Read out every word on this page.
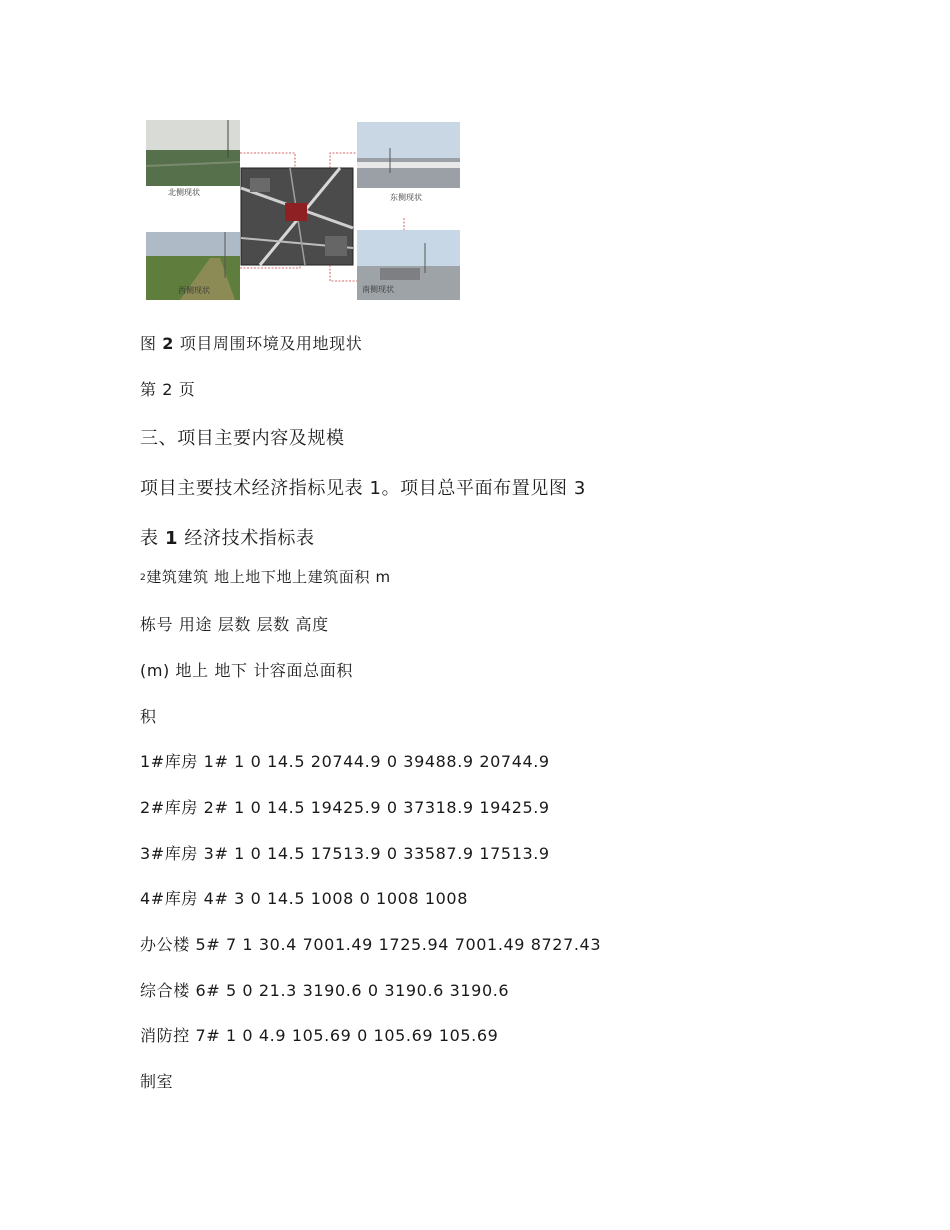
北侧现状
东侧现状
西侧现状	南侧现状
图 2 项目周围环境及用地现状
第 2 页
三、项目主要内容及规模
项目主要技术经济指标见表 1。项目总平面布置见图 3
表 1 经济技术指标表
2建筑建筑 地上地下地上建筑面积 m
栋号 用途 层数 层数 高度
(m) 地上 地下 计容面总面积
积
1#库房 1# 1 0 14.5 20744.9 0 39488.9 20744.9
2#库房 2# 1 0 14.5 19425.9 0 37318.9 19425.9
3#库房 3# 1 0 14.5 17513.9 0 33587.9 17513.9
4#库房 4# 3 0 14.5 1008 0 1008 1008
办公楼 5# 7 1 30.4 7001.49 1725.94 7001.49 8727.43
综合楼 6# 5 0 21.3 3190.6 0 3190.6 3190.6
消防控 7# 1 0 4.9 105.69 0 105.69 105.69
制室
